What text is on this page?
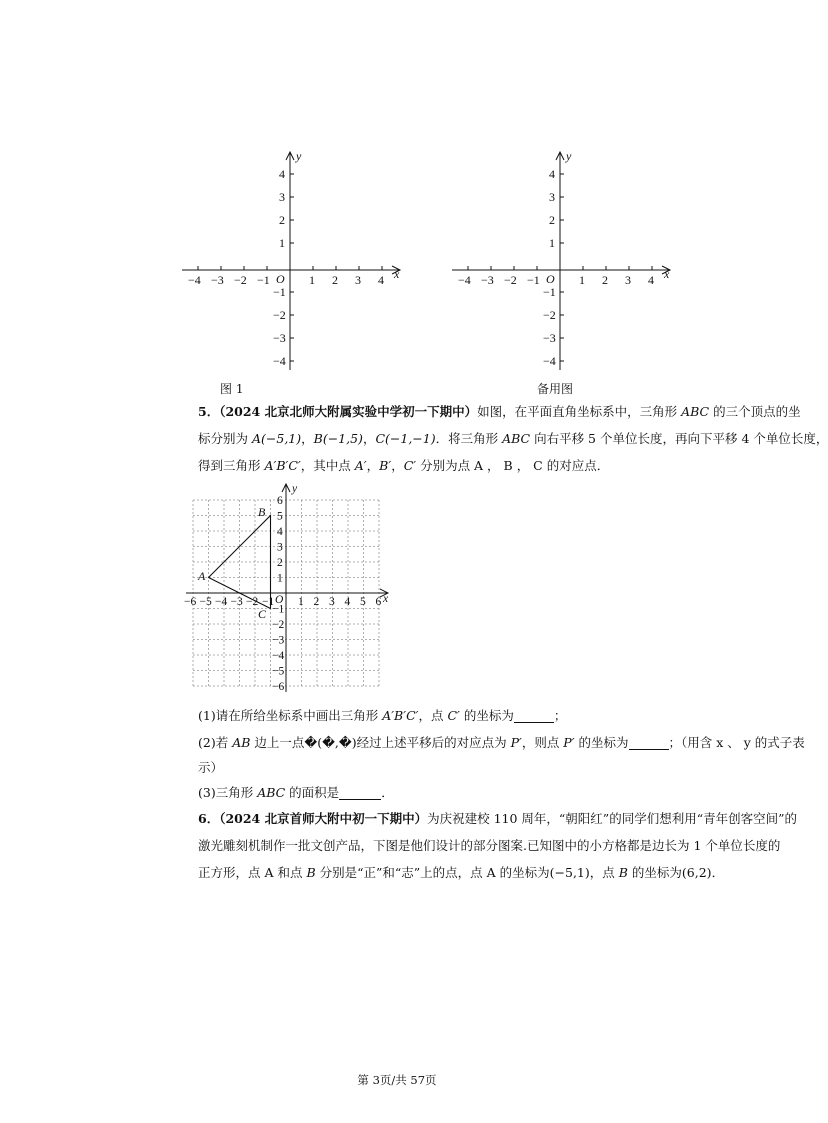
x
y
O
−4 −3 −2 −1	1 2 3 4
4
3
2
1
−1
−2
−3
−4
图 1
x
y
O
−4 −3 −2 −1	1 2 3 4
4
3
2
1
−1
−2
−3
−4
备用图
5．（2024 北京北师大附属实验中学初一下期中）如图，在平面直角坐标系中，三角形 ABC 的三个顶点的坐
标分别为 A(−5,1)，B(−1,5)，C(−1,−1)．将三角形 ABC 向右平移 5 个单位长度，再向下平移 4 个单位长度，
得到三角形 A′B′C′，其中点 A′，B′，C′ 分别为点 A ， B ， C 的对应点．
x
y
O
−6 −5 −4 −3 −2 −1 1 2 3 4 5 6
6
5
4
3
2
1
−1
−2
−3
−4
−5
−6
A
B
C
(1)请在所给坐标系中画出三角形 A′B′C′，点 C′ 的坐标为	；
(2)若 AB 边上一点�(�,�)经过上述平移后的对应点为 P′，则点 P′ 的坐标为	；（用含 x 、 y 的式子表
示）
(3)三角形 ABC 的面积是	．
6．（2024 北京首师大附中初一下期中）为庆祝建校 110 周年，“朝阳红”的同学们想利用“青年创客空间”的
激光雕刻机制作一批文创产品，下图是他们设计的部分图案.已知图中的小方格都是边长为 1 个单位长度的
正方形，点 A 和点 B 分别是“正”和“志”上的点，点 A 的坐标为(−5,1)，点 B 的坐标为(6,2)．
第 3页/共 57页
